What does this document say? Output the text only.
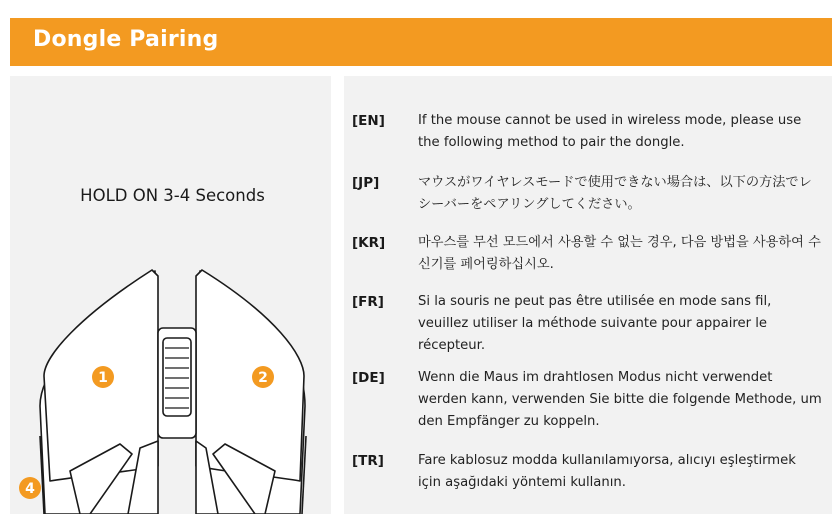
Dongle Pairing
HOLD ON 3-4 Seconds
1	2
4
[EN]	If the mouse cannot be used in wireless mode, please use the following method to pair the dongle.
[JP]	マウスがワイヤレスモードで使用できない場合は、以下の方法でレシーバーをペアリングしてください。
[KR] 마우스를 무선 모드에서 사용할 수 없는 경우, 다음 방법을 사용하여 수신기를 페어링하십시오.
[FR]	Si la souris ne peut pas être utilisée en mode sans fil, veuillez utiliser la méthode suivante pour appairer le récepteur.
[DE]	Wenn die Maus im drahtlosen Modus nicht verwendet werden kann, verwenden Sie bitte die folgende Methode, um den Empfänger zu koppeln.
[TR]	Fare kablosuz modda kullanılamıyorsa, alıcıyı eşleştirmek için aşağıdaki yöntemi kullanın.
